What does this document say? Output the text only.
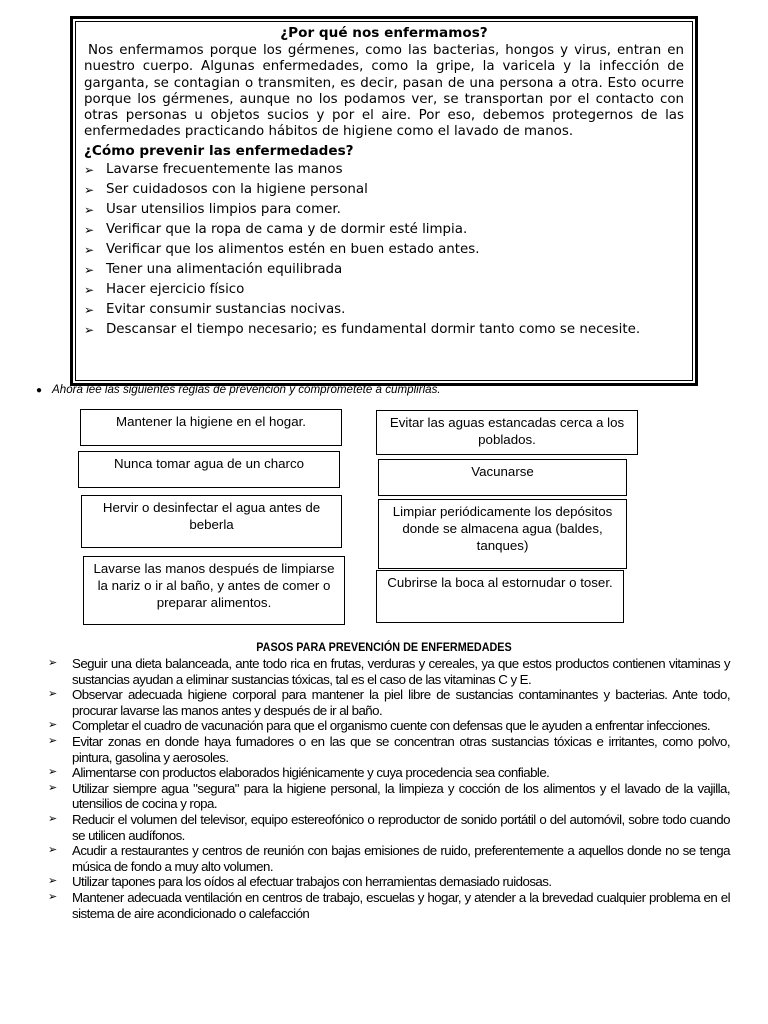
¿Por qué nos enfermamos?

Nos enfermamos porque los gérmenes, como las bacterias, hongos y virus, entran en nuestro cuerpo. Algunas enfermedades, como la gripe, la varicela y la infección de garganta, se contagian o transmiten, es decir, pasan de una persona a otra. Esto ocurre porque los gérmenes, aunque no los podamos ver, se transportan por el contacto con otras personas u objetos sucios y por el aire. Por eso, debemos protegernos de las enfermedades practicando hábitos de higiene como el lavado de manos.

¿Cómo prevenir las enfermedades?
➢ Lavarse frecuentemente las manos
➢ Ser cuidadosos con la higiene personal
➢ Usar utensilios limpios para comer.
➢ Verificar que la ropa de cama y de dormir esté limpia.
➢ Verificar que los alimentos estén en buen estado antes.
➢ Tener una alimentación equilibrada
➢ Hacer ejercicio físico
➢ Evitar consumir sustancias nocivas.
➢ Descansar el tiempo necesario; es fundamental dormir tanto como se necesite.
● Ahora lee las siguientes reglas de prevención y comprométete a cumplirlas.
Mantener la higiene en el hogar.
Nunca tomar agua de un charco
Hervir o desinfectar el agua antes de beberla
Lavarse las manos después de limpiarse la nariz o ir al baño, y antes de comer o preparar alimentos.
Evitar las aguas estancadas cerca a los poblados.
Vacunarse
Limpiar periódicamente los depósitos donde se almacena agua (baldes, tanques)
Cubrirse la boca al estornudar o toser.
PASOS PARA PREVENCIÓN DE ENFERMEDADES
➢ Seguir una dieta balanceada, ante todo rica en frutas, verduras y cereales, ya que estos productos contienen vitaminas y sustancias ayudan a eliminar sustancias tóxicas, tal es el caso de las vitaminas C y E.
➢ Observar adecuada higiene corporal para mantener la piel libre de sustancias contaminantes y bacterias. Ante todo, procurar lavarse las manos antes y después de ir al baño.
➢ Completar el cuadro de vacunación para que el organismo cuente con defensas que le ayuden a enfrentar infecciones.
➢ Evitar zonas en donde haya fumadores o en las que se concentran otras sustancias tóxicas e irritantes, como polvo, pintura, gasolina y aerosoles.
➢ Alimentarse con productos elaborados higiénicamente y cuya procedencia sea confiable.
➢ Utilizar siempre agua "segura" para la higiene personal, la limpieza y cocción de los alimentos y el lavado de la vajilla, utensilios de cocina y ropa.
➢ Reducir el volumen del televisor, equipo estereofónico o reproductor de sonido portátil o del automóvil, sobre todo cuando se utilicen audífonos.
➢ Acudir a restaurantes y centros de reunión con bajas emisiones de ruido, preferentemente a aquellos donde no se tenga música de fondo a muy alto volumen.
➢ Utilizar tapones para los oídos al efectuar trabajos con herramientas demasiado ruidosas.
➢ Mantener adecuada ventilación en centros de trabajo, escuelas y hogar, y atender a la brevedad cualquier problema en el sistema de aire acondicionado o calefacción
